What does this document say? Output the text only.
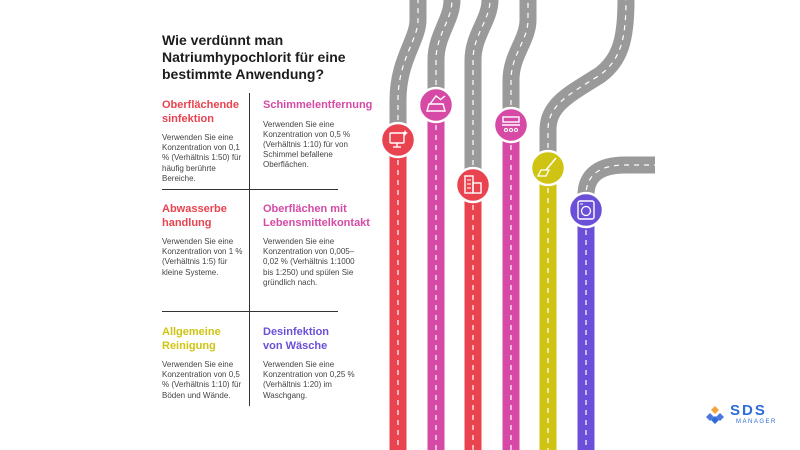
Wie verdünnt man Natriumhypochlorit für eine bestimmte Anwendung?
Oberflächende sinfektion

Verwenden Sie eine Konzentration von 0,1 % (Verhältnis 1:50) für häufig berührte Bereiche.

Schimmelentfernung

Verwenden Sie eine Konzentration von 0,5 % (Verhältnis 1:10) für von Schimmel befallene Oberflächen.

Abwasserbehandlung

Verwenden Sie eine Konzentration von 1 % (Verhältnis 1:5) für kleine Systeme.

Oberflächen mit Lebensmittelkontakt

Verwenden Sie eine Konzentration von 0,005–0,02 % (Verhältnis 1:1000 bis 1:250) und spülen Sie gründlich nach.

Allgemeine Reinigung

Verwenden Sie eine Konzentration von 0,5 % (Verhältnis 1:10) für Böden und Wände.

Desinfektion von Wäsche

Verwenden Sie eine Konzentration von 0,25 % (Verhältnis 1:20) im Waschgang.

SDS
MANAGER
